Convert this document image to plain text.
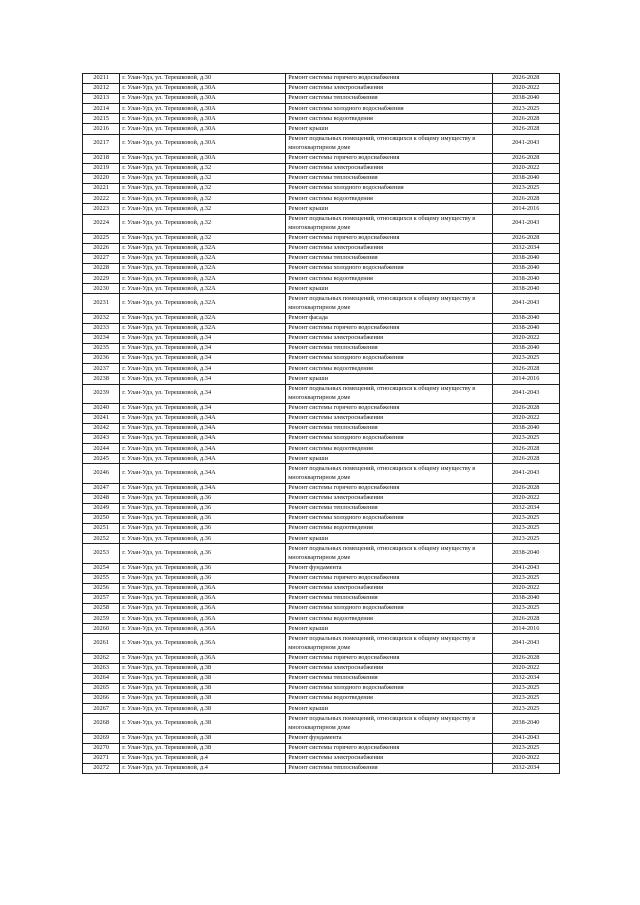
20211	г. Улан-Удэ, ул. Терешковой, д.30	Ремонт системы горячего водоснабжения	2026-2028
20212	г. Улан-Удэ, ул. Терешковой, д.30А	Ремонт системы электроснабжения	2020-2022
20213	г. Улан-Удэ, ул. Терешковой, д.30А	Ремонт системы теплоснабжения	2038-2040
20214	г. Улан-Удэ, ул. Терешковой, д.30А	Ремонт системы холодного водоснабжения	2023-2025
20215	г. Улан-Удэ, ул. Терешковой, д.30А	Ремонт системы водоотведения	2026-2028
20216	г. Улан-Удэ, ул. Терешковой, д.30А	Ремонт крыши	2026-2028
20217	г. Улан-Удэ, ул. Терешковой, д.30А	Ремонт подвальных помещений, относящихся к общему имуществу в многоквартирном доме	2041-2043
20218	г. Улан-Удэ, ул. Терешковой, д.30А	Ремонт системы горячего водоснабжения	2026-2028
20219	г. Улан-Удэ, ул. Терешковой, д.32	Ремонт системы электроснабжения	2020-2022
20220	г. Улан-Удэ, ул. Терешковой, д.32	Ремонт системы теплоснабжения	2038-2040
20221	г. Улан-Удэ, ул. Терешковой, д.32	Ремонт системы холодного водоснабжения	2023-2025
20222	г. Улан-Удэ, ул. Терешковой, д.32	Ремонт системы водоотведения	2026-2028
20223	г. Улан-Удэ, ул. Терешковой, д.32	Ремонт крыши	2014-2016
20224	г. Улан-Удэ, ул. Терешковой, д.32	Ремонт подвальных помещений, относящихся к общему имуществу в многоквартирном доме	2041-2043
20225	г. Улан-Удэ, ул. Терешковой, д.32	Ремонт системы горячего водоснабжения	2026-2028
20226	г. Улан-Удэ, ул. Терешковой, д.32А	Ремонт системы электроснабжения	2032-2034
20227	г. Улан-Удэ, ул. Терешковой, д.32А	Ремонт системы теплоснабжения	2038-2040
20228	г. Улан-Удэ, ул. Терешковой, д.32А	Ремонт системы холодного водоснабжения	2038-2040
20229	г. Улан-Удэ, ул. Терешковой, д.32А	Ремонт системы водоотведения	2038-2040
20230	г. Улан-Удэ, ул. Терешковой, д.32А	Ремонт крыши	2038-2040
20231	г. Улан-Удэ, ул. Терешковой, д.32А	Ремонт подвальных помещений, относящихся к общему имуществу в многоквартирном доме	2041-2043
20232	г. Улан-Удэ, ул. Терешковой, д.32А	Ремонт фасада	2038-2040
20233	г. Улан-Удэ, ул. Терешковой, д.32А	Ремонт системы горячего водоснабжения	2038-2040
20234	г. Улан-Удэ, ул. Терешковой, д.34	Ремонт системы электроснабжения	2020-2022
20235	г. Улан-Удэ, ул. Терешковой, д.34	Ремонт системы теплоснабжения	2038-2040
20236	г. Улан-Удэ, ул. Терешковой, д.34	Ремонт системы холодного водоснабжения	2023-2025
20237	г. Улан-Удэ, ул. Терешковой, д.34	Ремонт системы водоотведения	2026-2028
20238	г. Улан-Удэ, ул. Терешковой, д.34	Ремонт крыши	2014-2016
20239	г. Улан-Удэ, ул. Терешковой, д.34	Ремонт подвальных помещений, относящихся к общему имуществу в многоквартирном доме	2041-2043
20240	г. Улан-Удэ, ул. Терешковой, д.34	Ремонт системы горячего водоснабжения	2026-2028
20241	г. Улан-Удэ, ул. Терешковой, д.34А	Ремонт системы электроснабжения	2020-2022
20242	г. Улан-Удэ, ул. Терешковой, д.34А	Ремонт системы теплоснабжения	2038-2040
20243	г. Улан-Удэ, ул. Терешковой, д.34А	Ремонт системы холодного водоснабжения	2023-2025
20244	г. Улан-Удэ, ул. Терешковой, д.34А	Ремонт системы водоотведения	2026-2028
20245	г. Улан-Удэ, ул. Терешковой, д.34А	Ремонт крыши	2026-2028
20246	г. Улан-Удэ, ул. Терешковой, д.34А	Ремонт подвальных помещений, относящихся к общему имуществу в многоквартирном доме	2041-2043
20247	г. Улан-Удэ, ул. Терешковой, д.34А	Ремонт системы горячего водоснабжения	2026-2028
20248	г. Улан-Удэ, ул. Терешковой, д.36	Ремонт системы электроснабжения	2020-2022
20249	г. Улан-Удэ, ул. Терешковой, д.36	Ремонт системы теплоснабжения	2032-2034
20250	г. Улан-Удэ, ул. Терешковой, д.36	Ремонт системы холодного водоснабжения	2023-2025
20251	г. Улан-Удэ, ул. Терешковой, д.36	Ремонт системы водоотведения	2023-2025
20252	г. Улан-Удэ, ул. Терешковой, д.36	Ремонт крыши	2023-2025
20253	г. Улан-Удэ, ул. Терешковой, д.36	Ремонт подвальных помещений, относящихся к общему имуществу в многоквартирном доме	2038-2040
20254	г. Улан-Удэ, ул. Терешковой, д.36	Ремонт фундамента	2041-2043
20255	г. Улан-Удэ, ул. Терешковой, д.36	Ремонт системы горячего водоснабжения	2023-2025
20256	г. Улан-Удэ, ул. Терешковой, д.36А	Ремонт системы электроснабжения	2020-2022
20257	г. Улан-Удэ, ул. Терешковой, д.36А	Ремонт системы теплоснабжения	2038-2040
20258	г. Улан-Удэ, ул. Терешковой, д.36А	Ремонт системы холодного водоснабжения	2023-2025
20259	г. Улан-Удэ, ул. Терешковой, д.36А	Ремонт системы водоотведения	2026-2028
20260	г. Улан-Удэ, ул. Терешковой, д.36А	Ремонт крыши	2014-2016
20261	г. Улан-Удэ, ул. Терешковой, д.36А	Ремонт подвальных помещений, относящихся к общему имуществу в многоквартирном доме	2041-2043
20262	г. Улан-Удэ, ул. Терешковой, д.36А	Ремонт системы горячего водоснабжения	2026-2028
20263	г. Улан-Удэ, ул. Терешковой, д.38	Ремонт системы электроснабжения	2020-2022
20264	г. Улан-Удэ, ул. Терешковой, д.38	Ремонт системы теплоснабжения	2032-2034
20265	г. Улан-Удэ, ул. Терешковой, д.38	Ремонт системы холодного водоснабжения	2023-2025
20266	г. Улан-Удэ, ул. Терешковой, д.38	Ремонт системы водоотведения	2023-2025
20267	г. Улан-Удэ, ул. Терешковой, д.38	Ремонт крыши	2023-2025
20268	г. Улан-Удэ, ул. Терешковой, д.38	Ремонт подвальных помещений, относящихся к общему имуществу в многоквартирном доме	2038-2040
20269	г. Улан-Удэ, ул. Терешковой, д.38	Ремонт фундамента	2041-2043
20270	г. Улан-Удэ, ул. Терешковой, д.38	Ремонт системы горячего водоснабжения	2023-2025
20271	г. Улан-Удэ, ул. Терешковой, д.4	Ремонт системы электроснабжения	2020-2022
20272	г. Улан-Удэ, ул. Терешковой, д.4	Ремонт системы теплоснабжения	2032-2034
